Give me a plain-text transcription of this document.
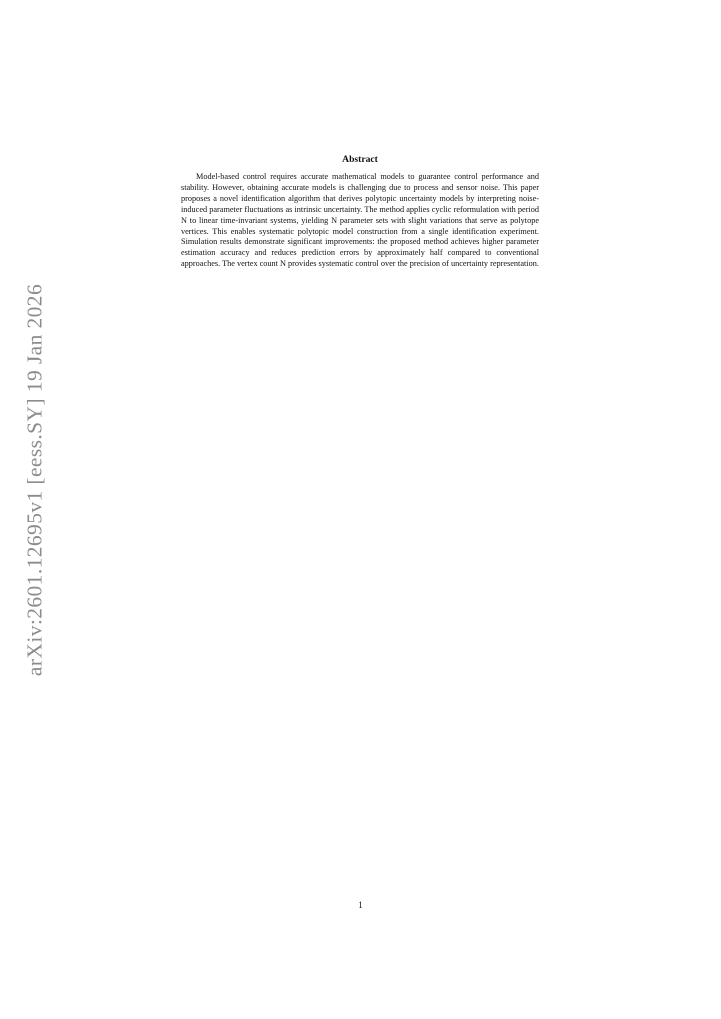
arXiv:2601.12695v1 [eess.SY] 19 Jan 2026
Abstract

Model-based control requires accurate mathematical models to guarantee control performance and stability. However, obtaining accurate models is challenging due to process and sensor noise. This paper proposes a novel identification algorithm that derives polytopic uncertainty models by interpreting noise-induced parameter fluctuations as intrinsic uncertainty. The method applies cyclic reformulation with period N to linear time-invariant systems, yielding N parameter sets with slight variations that serve as polytope vertices. This enables systematic polytopic model construction from a single identification experiment. Simulation results demonstrate significant improvements: the proposed method achieves higher parameter estimation accuracy and reduces prediction errors by approximately half compared to conventional approaches. The vertex count N provides systematic control over the precision of uncertainty representation.

1
